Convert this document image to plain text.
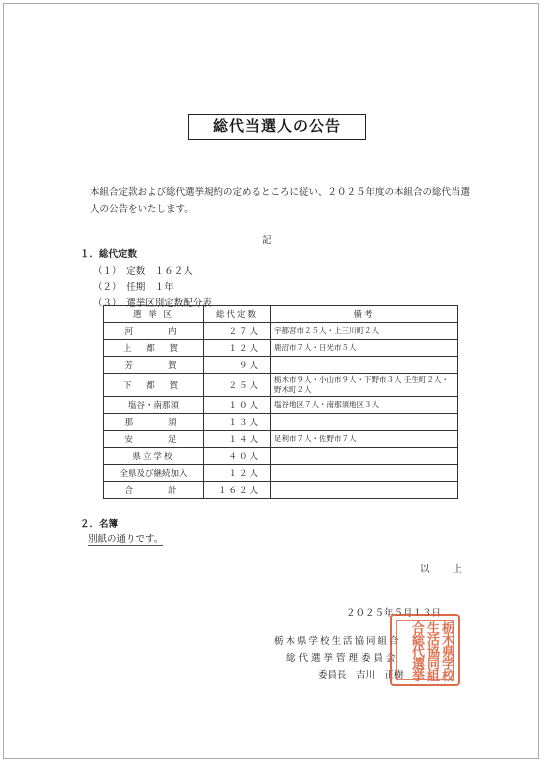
総代当選人の公告
本組合定款および総代選挙規約の定めるところに従い、２０２５年度の本組合の総代当選人の公告をいたします。
記
１．総代定数
（１）　定数　１６２人
（２）　任期　１年
（３）　選挙区別定数配分表
選 挙 区	総代定数	備考
河　　内	２７人	宇都宮市２５人・上三川町２人
上 都 賀	１２人	鹿沼市７人・日光市５人
芳　　賀	９人	
下 都 賀	２５人	栃木市９人・小山市９人・下野市３人 壬生町２人・野木町２人
塩谷・南那須	１０人	塩谷地区７人・南那須地区３人
那　　須	１３人	
安　　足	１４人	足利市７人・佐野市７人
県立学校	４０人	
全県及び継続加入	１２人	
合　　計	１６２人	
２．名簿
別紙の通りです。
以 上
２０２５年５月１３日
栃木県学校生活協同組合
総代選挙管理委員会
委員長　吉川　正樹	栃木県学校生活協同組合総代選挙
